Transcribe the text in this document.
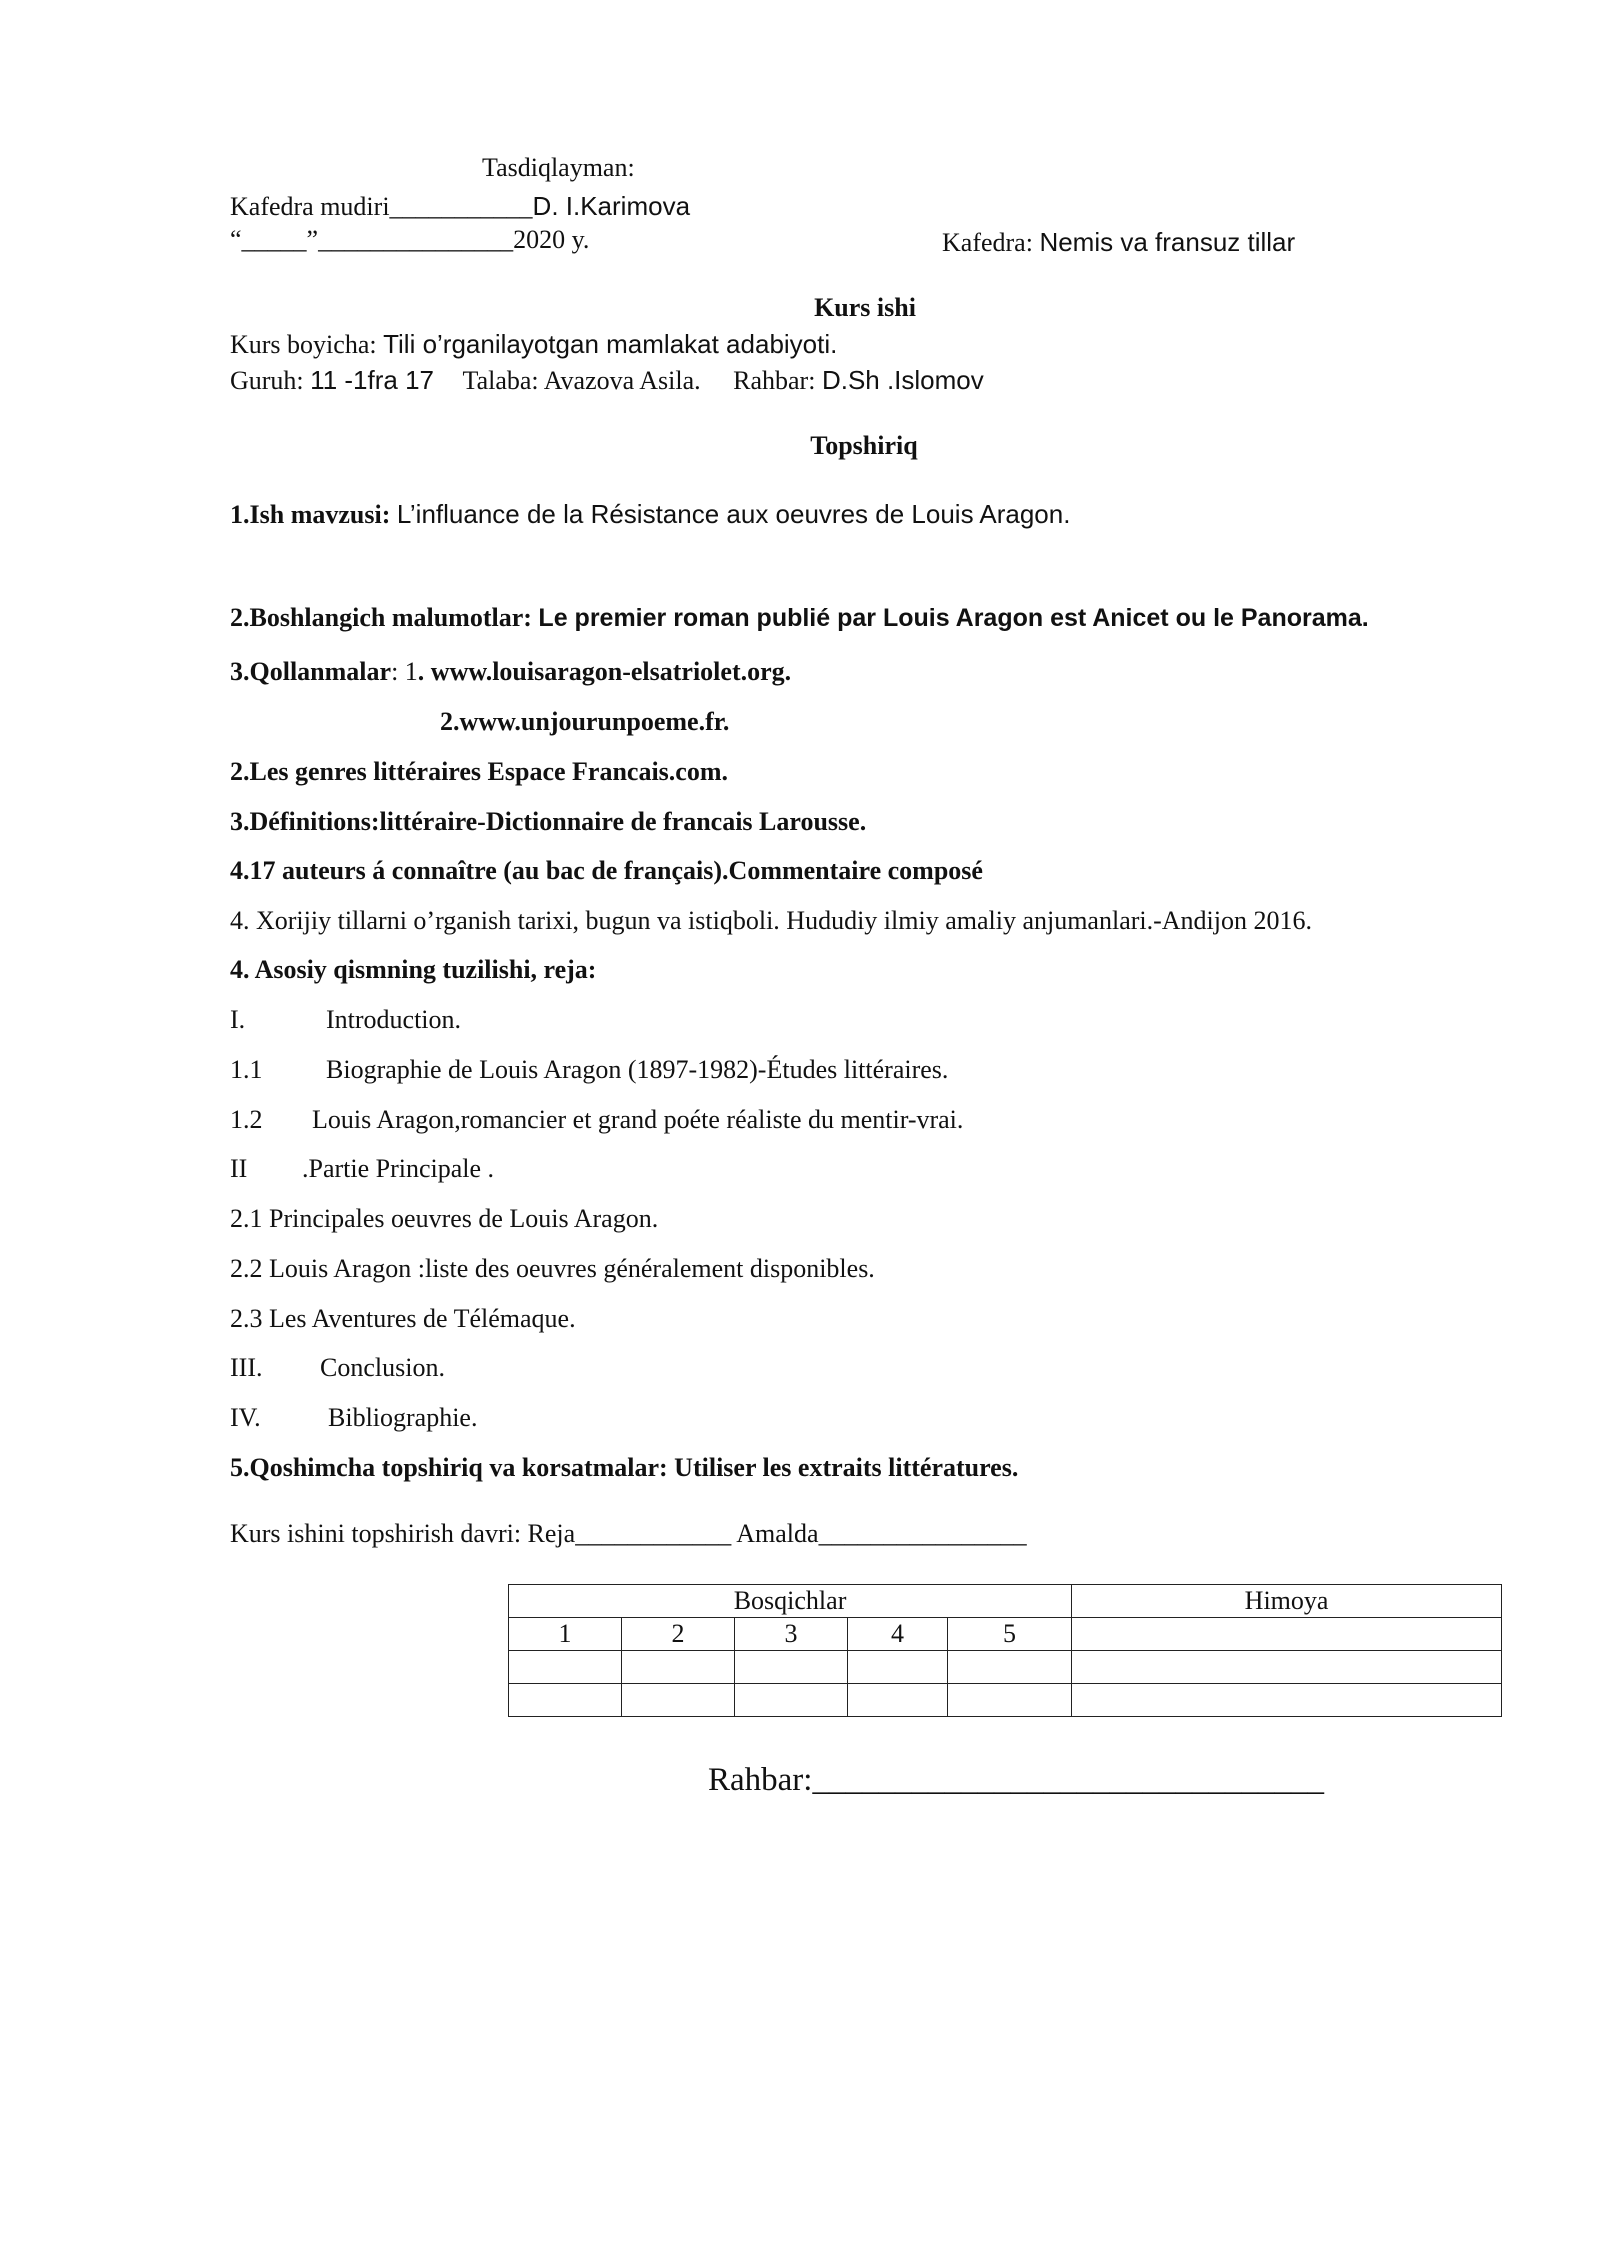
Tasdiqlayman:
Kafedra mudiri___________D. I.Karimova
“_____”_______________2020 y.	Kafedra: Nemis va fransuz tillar
Kurs ishi
Kurs boyicha: Tili o’rganilayotgan mamlakat adabiyoti.
Guruh: 11 -1fra 17 Talaba: Avazova Asila. Rahbar: D.Sh .Islomov
Topshiriq
1.Ish mavzusi: L’influance de la Résistance aux oeuvres de Louis Aragon.
2.Boshlangich malumotlar: Le premier roman publié par Louis Aragon est Anicet ou le Panorama.
3.Qollanmalar: 1. www.louisaragon-elsatriolet.org.
2.www.unjourunpoeme.fr.
2.Les genres littéraires Espace Francais.com.
3.Définitions:littéraire-Dictionnaire de francais Larousse.
4.17 auteurs á connaître (au bac de français).Commentaire composé
4. Xorijiy tillarni o’rganish tarixi, bugun va istiqboli. Hududiy ilmiy amaliy anjumanlari.-Andijon 2016.
4. Asosiy qismning tuzilishi, reja:
I.	Introduction.
1.1 Biographie de Louis Aragon (1897-1982)-Études littéraires.
1.2 Louis Aragon,romancier et grand poéte réaliste du mentir-vrai.
II .Partie Principale .
2.1 Principales oeuvres de Louis Aragon.
2.2 Louis Aragon :liste des oeuvres généralement disponibles.
2.3 Les Aventures de Télémaque.
III. Conclusion.
IV.	Bibliographie.
5.Qoshimcha topshiriq va korsatmalar: Utiliser les extraits littératures.
Kurs ishini topshirish davri: Reja____________ Amalda________________
Bosqichlar					Himoya
1	2	3	4	5	

Rahbar:_______________________________
